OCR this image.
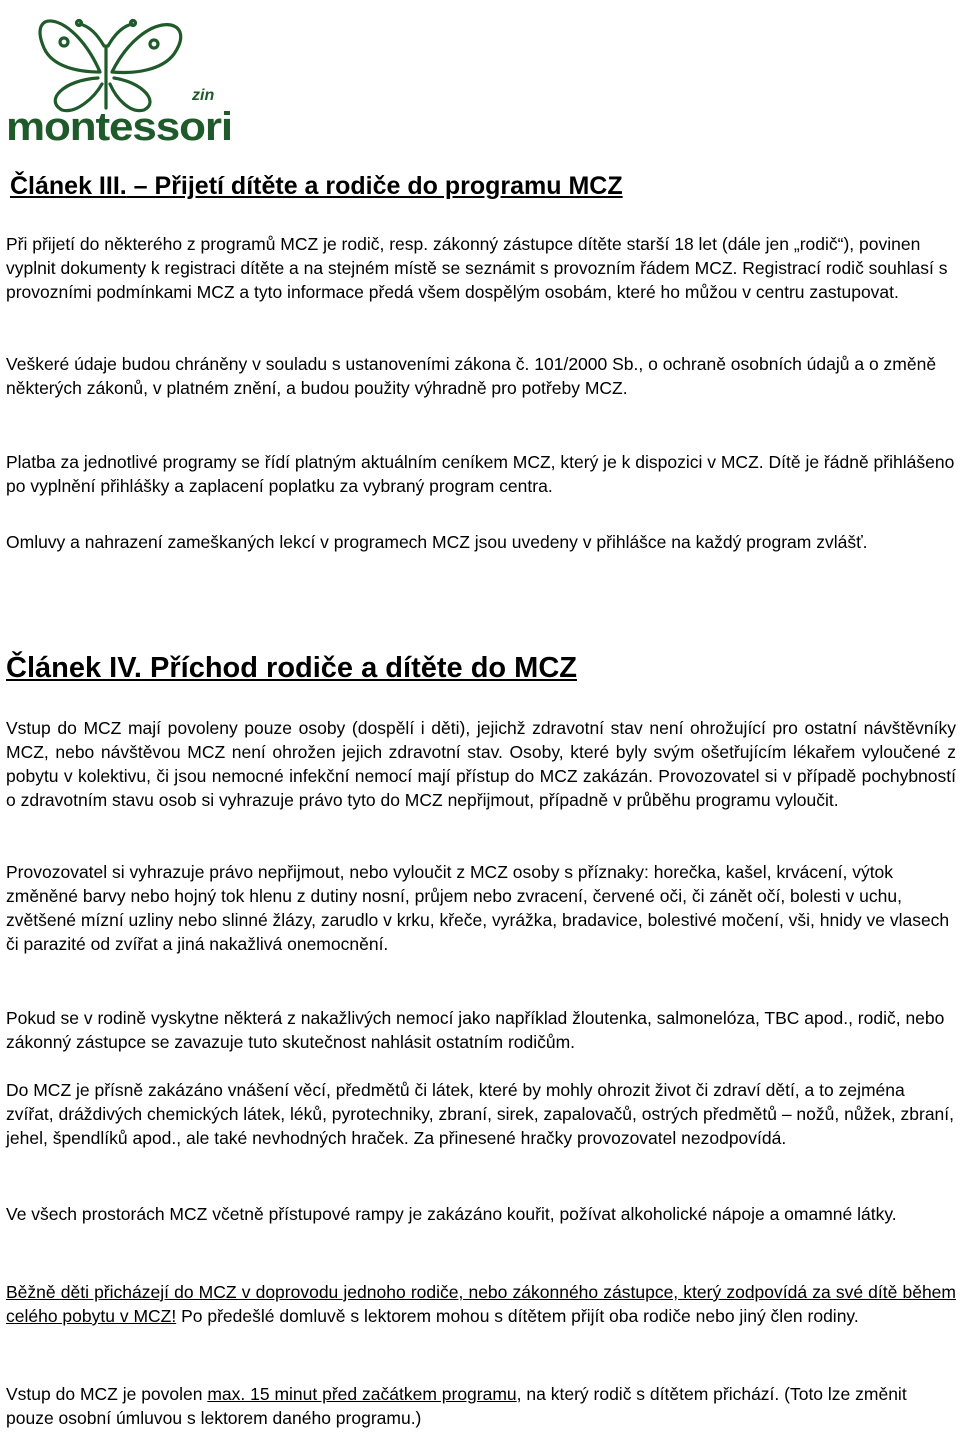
zin
montessori
Článek III. – Přijetí dítěte a rodiče do programu MCZ

Při přijetí do některého z programů MCZ je rodič, resp. zákonný zástupce dítěte starší 18 let (dále jen „rodič“), povinen vyplnit dokumenty k registraci dítěte a na stejném místě se seznámit s provozním řádem MCZ. Registrací rodič souhlasí s provozními podmínkami MCZ a tyto informace předá všem dospělým osobám, které ho můžou v centru zastupovat.

Veškeré údaje budou chráněny v souladu s ustanoveními zákona č. 101/2000 Sb., o ochraně osobních údajů a o změně některých zákonů, v platném znění, a budou použity výhradně pro potřeby MCZ.

Platba za jednotlivé programy se řídí platným aktuálním ceníkem MCZ, který je k dispozici v MCZ. Dítě je řádně přihlášeno po vyplnění přihlášky a zaplacení poplatku za vybraný program centra.

Omluvy a nahrazení zameškaných lekcí v programech MCZ jsou uvedeny v přihlášce na každý program zvlášť.

Článek IV. Příchod rodiče a dítěte do MCZ

Vstup do MCZ mají povoleny pouze osoby (dospělí i děti), jejichž zdravotní stav není ohrožující pro ostatní návštěvníky MCZ, nebo návštěvou MCZ není ohrožen jejich zdravotní stav. Osoby, které byly svým ošetřujícím lékařem vyloučené z pobytu v kolektivu, či jsou nemocné infekční nemocí mají přístup do MCZ zakázán. Provozovatel si v případě pochybností o zdravotním stavu osob si vyhrazuje právo tyto do MCZ nepřijmout, případně v průběhu programu vyloučit.

Provozovatel si vyhrazuje právo nepřijmout, nebo vyloučit z MCZ osoby s příznaky: horečka, kašel, krvácení, výtok změněné barvy nebo hojný tok hlenu z dutiny nosní, průjem nebo zvracení, červené oči, či zánět očí, bolesti v uchu, zvětšené mízní uzliny nebo slinné žlázy, zarudlo v krku, křeče, vyrážka, bradavice, bolestivé močení, vši, hnidy ve vlasech či parazité od zvířat a jiná nakažlivá onemocnění.

Pokud se v rodině vyskytne některá z nakažlivých nemocí jako například žloutenka, salmonelóza, TBC apod., rodič, nebo zákonný zástupce se zavazuje tuto skutečnost nahlásit ostatním rodičům.

Do MCZ je přísně zakázáno vnášení věcí, předmětů či látek, které by mohly ohrozit život či zdraví dětí, a to zejména zvířat, dráždivých chemických látek, léků, pyrotechniky, zbraní, sirek, zapalovačů, ostrých předmětů – nožů, nůžek, zbraní, jehel, špendlíků apod., ale také nevhodných hraček. Za přinesené hračky provozovatel nezodpovídá.

Ve všech prostorách MCZ včetně přístupové rampy je zakázáno kouřit, požívat alkoholické nápoje a omamné látky.

Běžně děti přicházejí do MCZ v doprovodu jednoho rodiče, nebo zákonného zástupce, který zodpovídá za své dítě během celého pobytu v MCZ! Po předešlé domluvě s lektorem mohou s dítětem přijít oba rodiče nebo jiný člen rodiny.

Vstup do MCZ je povolen max. 15 minut před začátkem programu, na který rodič s dítětem přichází. (Toto lze změnit pouze osobní úmluvou s lektorem daného programu.)
